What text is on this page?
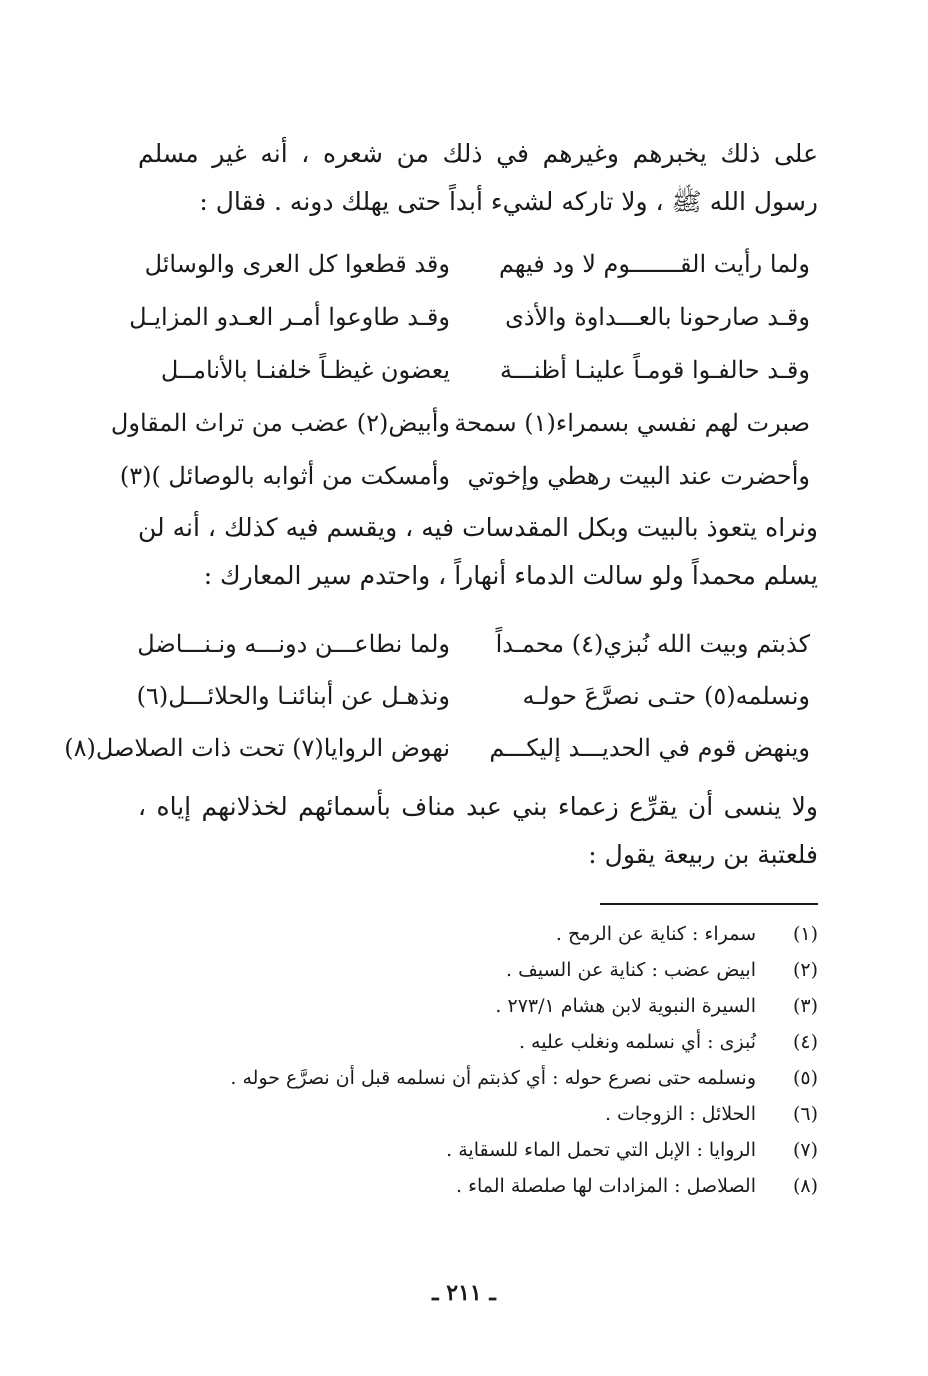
على ذلك يخبرهم وغيرهم في ذلك من شعره ، أنه غير مسلم رسول الله ﷺ ، ولا تاركه لشيء أبداً حتى يهلك دونه . فقال :

ولما رأيت القـــــــوم لا ود فيهم
وقد قطعوا كل العرى والوسائل
وقـد صارحونا بالعـــداوة والأذى
وقـد طاوعوا أمـر العـدو المزايـل
وقـد حالفـوا قومـاً علينـا أظنـــة
يعضون غيظـاً خلفنـا بالأنامــل
صبرت لهم نفسي بسمراء(١) سمحة
وأبيض(٢) عضب من تراث المقاول
وأحضرت عند البيت رهطي وإخوتي
وأمسكت من أثوابه بالوصائل )(٣)

ونراه يتعوذ بالبيت وبكل المقدسات فيه ، ويقسم فيه كذلك ، أنه لن يسلم محمداً ولو سالت الدماء أنهاراً ، واحتدم سير المعارك :

كذبتم وبيت الله نُبزي(٤) محمـداً
ولما نطاعـــن دونـــه ونـنـــاضل
ونسلمه(٥) حتـى نصرَّعَ حولـه
ونذهـل عن أبنائنـا والحلائـــل(٦)
وينهض قوم في الحديـــد إليكـــم
نهوض الروايا(٧) تحت ذات الصلاصل(٨)

ولا ينسى أن يقرِّع زعماء بني عبد مناف بأسمائهم لخذلانهم إياه ، فلعتبة بن ربيعة يقول :

(١)
سمراء : كناية عن الرمح .
(٢)
ابيض عضب : كناية عن السيف .
(٣)
السيرة النبوية لابن هشام ٢٧٣/١ .
(٤)
نُبزى : أي نسلمه ونغلب عليه .
(٥)
ونسلمه حتى نصرع حوله : أي كذبتم أن نسلمه قبل أن نصرَّع حوله .
(٦)
الحلائل : الزوجات .
(٧)
الروايا : الإبل التي تحمل الماء للسقاية .
(٨)
الصلاصل : المزادات لها صلصلة الماء .
ـ ٢١١ ـ
